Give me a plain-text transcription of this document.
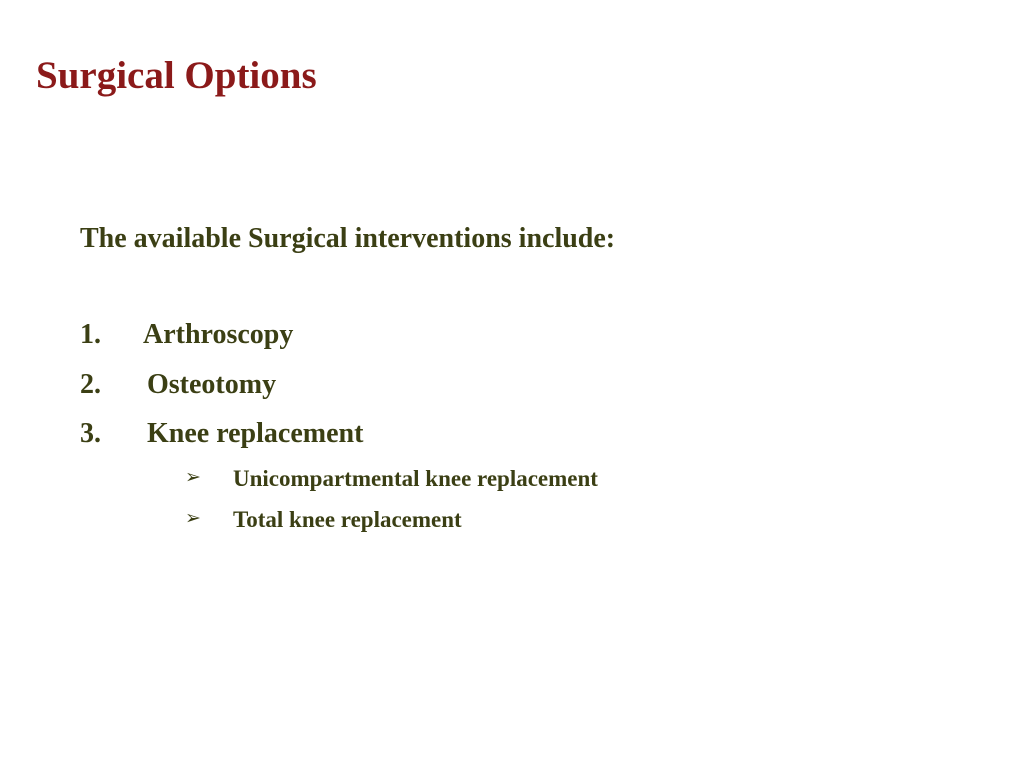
Surgical Options

The available Surgical interventions include:

1. Arthroscopy
2. Osteotomy
3. Knee replacement
➢ Unicompartmental knee replacement
➢ Total knee replacement
